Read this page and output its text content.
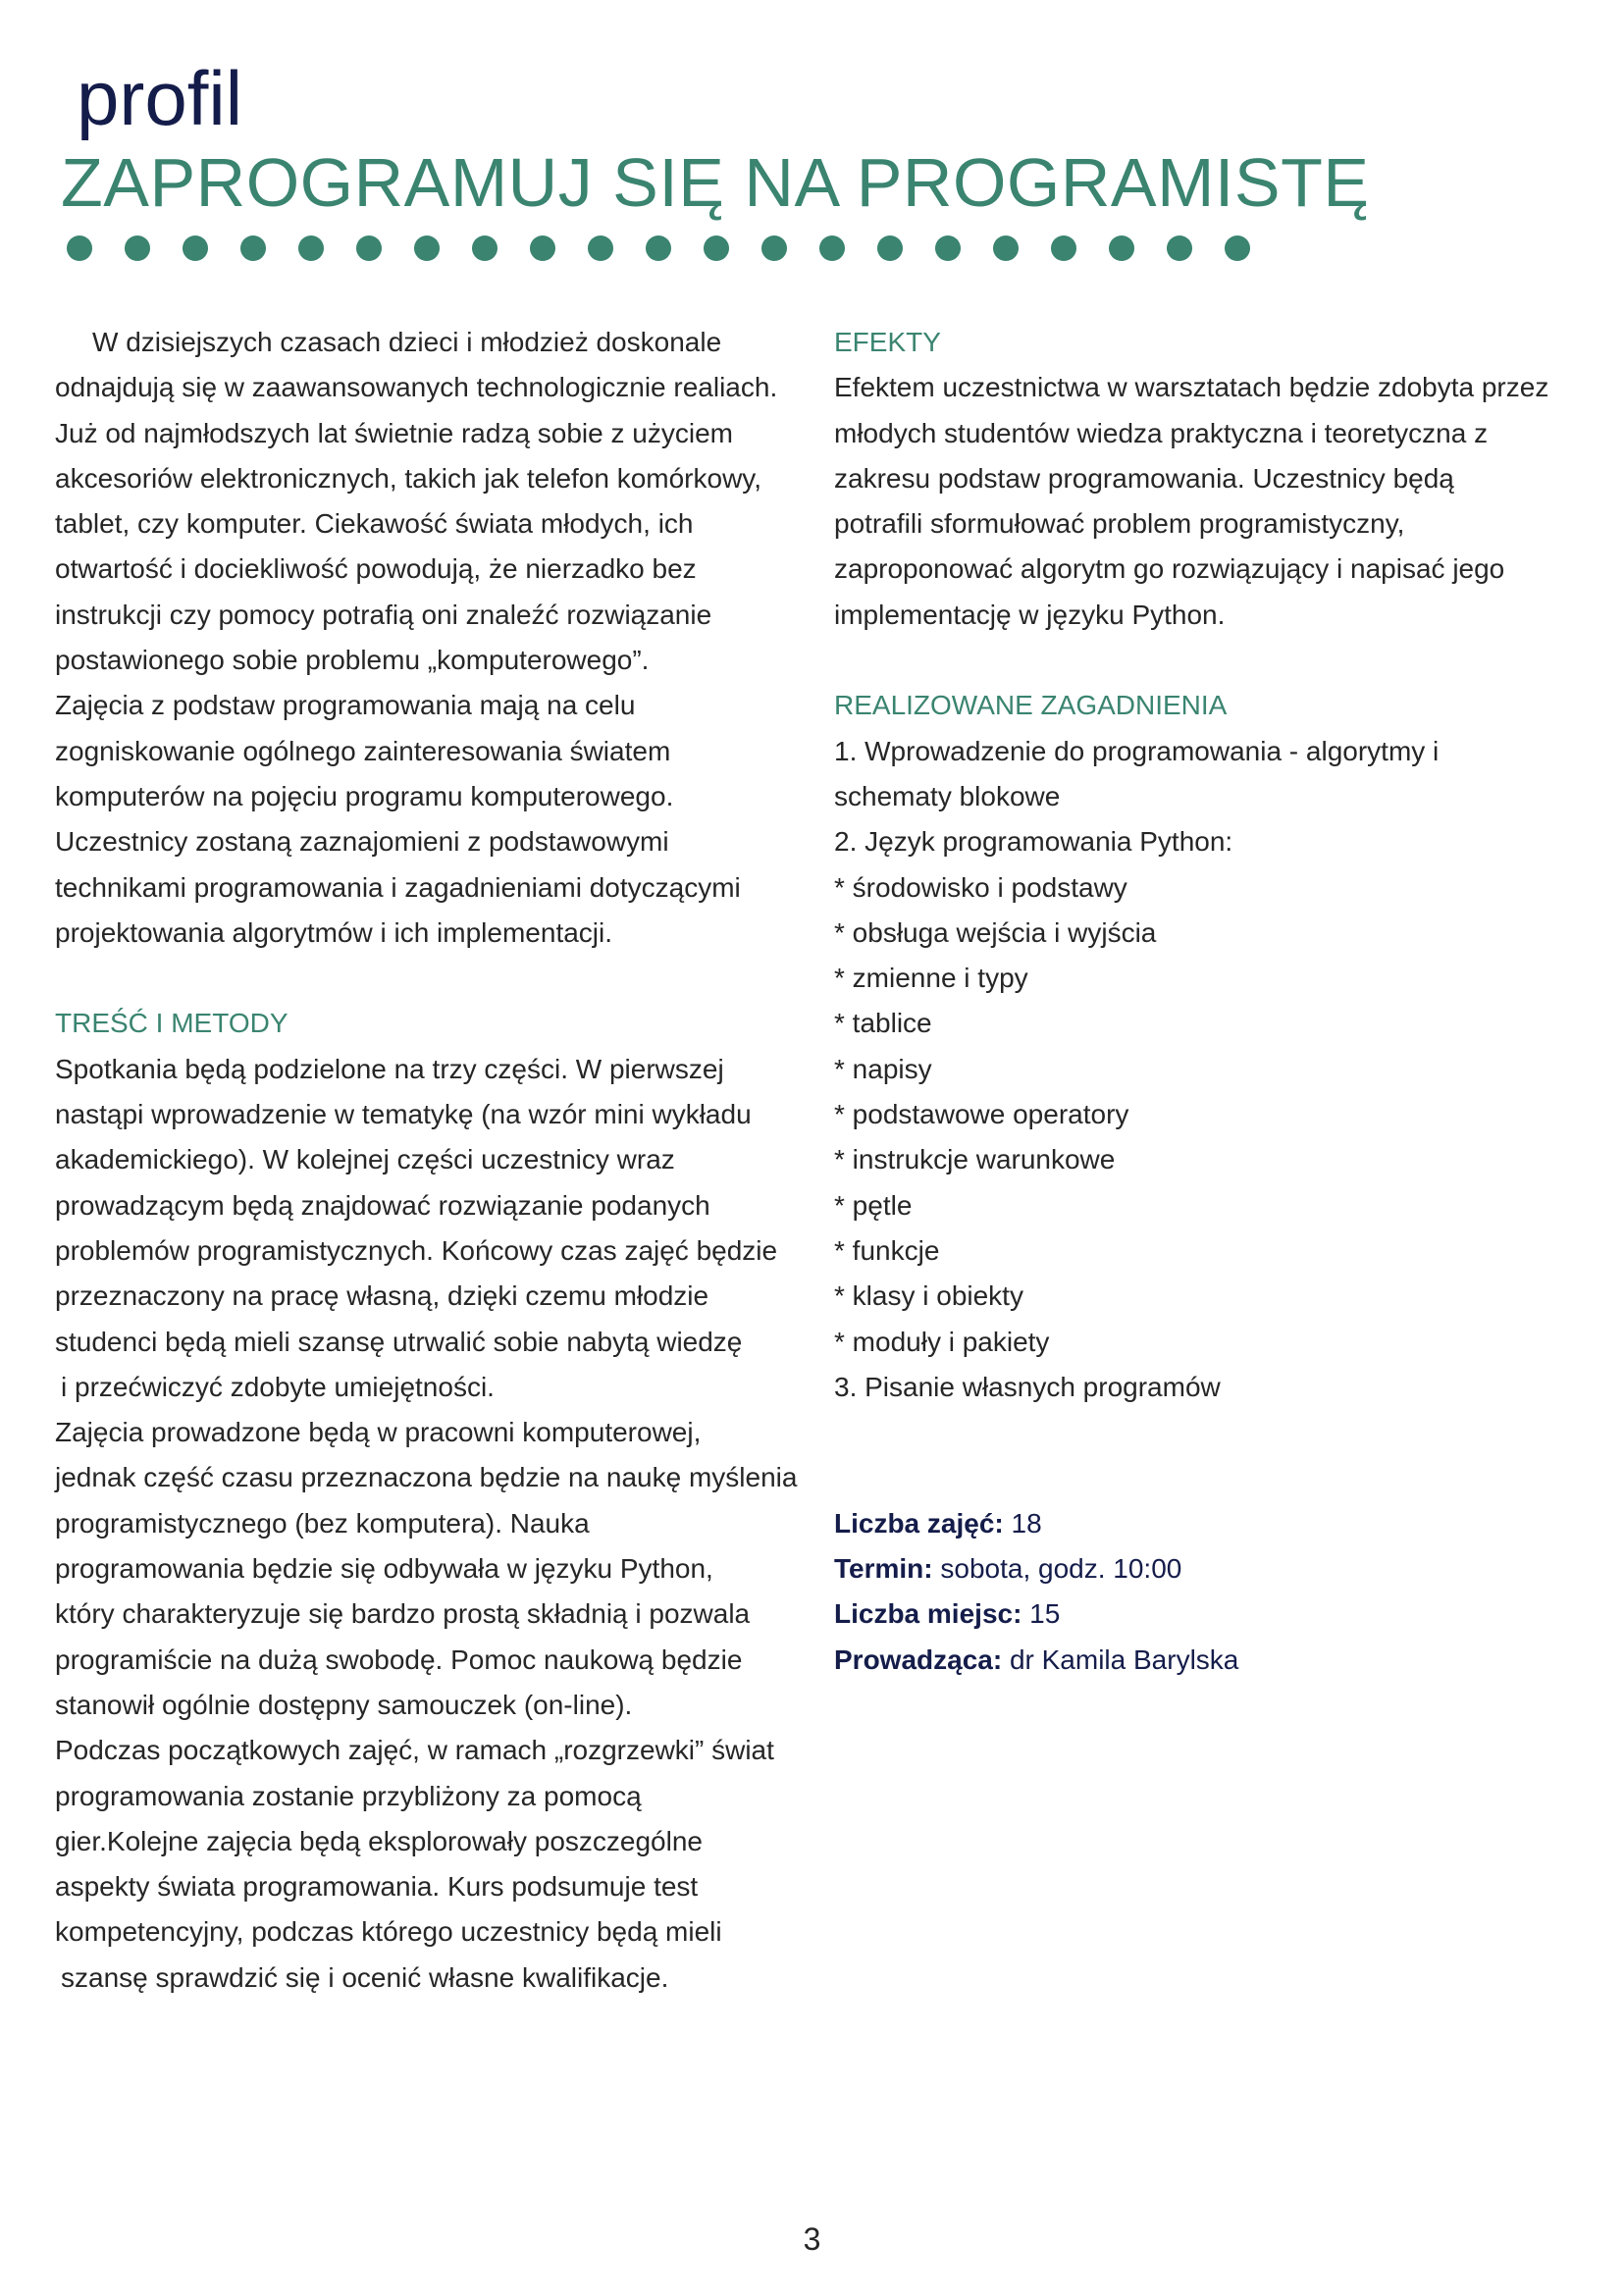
profil
ZAPROGRAMUJ SIĘ NA PROGRAMISTĘ
W dzisiejszych czasach dzieci i młodzież doskonale
odnajdują się w zaawansowanych technologicznie realiach.
Już od najmłodszych lat świetnie radzą sobie z użyciem
akcesoriów elektronicznych, takich jak telefon komórkowy,
tablet, czy komputer. Ciekawość świata młodych, ich
otwartość i dociekliwość powodują, że nierzadko bez
instrukcji czy pomocy potrafią oni znaleźć rozwiązanie
postawionego sobie problemu „komputerowego”.
Zajęcia z podstaw programowania mają na celu
zogniskowanie ogólnego zainteresowania światem
komputerów na pojęciu programu komputerowego.
Uczestnicy zostaną zaznajomieni z podstawowymi
technikami programowania i zagadnieniami dotyczącymi
projektowania algorytmów i ich implementacji.
TREŚĆ I METODY
Spotkania będą podzielone na trzy części. W pierwszej
nastąpi wprowadzenie w tematykę (na wzór mini wykładu
akademickiego). W kolejnej części uczestnicy wraz
prowadzącym będą znajdować rozwiązanie podanych
problemów programistycznych. Końcowy czas zajęć będzie
przeznaczony na pracę własną, dzięki czemu młodzie
studenci będą mieli szansę utrwalić sobie nabytą wiedzę
i przećwiczyć zdobyte umiejętności.
Zajęcia prowadzone będą w pracowni komputerowej,
jednak część czasu przeznaczona będzie na naukę myślenia
programistycznego (bez komputera). Nauka
programowania będzie się odbywała w języku Python,
który charakteryzuje się bardzo prostą składnią i pozwala
programiście na dużą swobodę. Pomoc naukową będzie
stanowił ogólnie dostępny samouczek (on-line).
Podczas początkowych zajęć, w ramach „rozgrzewki” świat
programowania zostanie przybliżony za pomocą
gier.Kolejne zajęcia będą eksplorowały poszczególne
aspekty świata programowania. Kurs podsumuje test
kompetencyjny, podczas którego uczestnicy będą mieli
szansę sprawdzić się i ocenić własne kwalifikacje.
EFEKTY
Efektem uczestnictwa w warsztatach będzie zdobyta przez
młodych studentów wiedza praktyczna i teoretyczna z
zakresu podstaw programowania. Uczestnicy będą
potrafili sformułować problem programistyczny,
zaproponować algorytm go rozwiązujący i napisać jego
implementację w języku Python.
REALIZOWANE ZAGADNIENIA
1. Wprowadzenie do programowania - algorytmy i
schematy blokowe
2. Język programowania Python:
* środowisko i podstawy
* obsługa wejścia i wyjścia
* zmienne i typy
* tablice
* napisy
* podstawowe operatory
* instrukcje warunkowe
* pętle
* funkcje
* klasy i obiekty
* moduły i pakiety
3. Pisanie własnych programów
Liczba zajęć: 18
Termin: sobota, godz. 10:00
Liczba miejsc: 15
Prowadząca: dr Kamila Barylska
3
